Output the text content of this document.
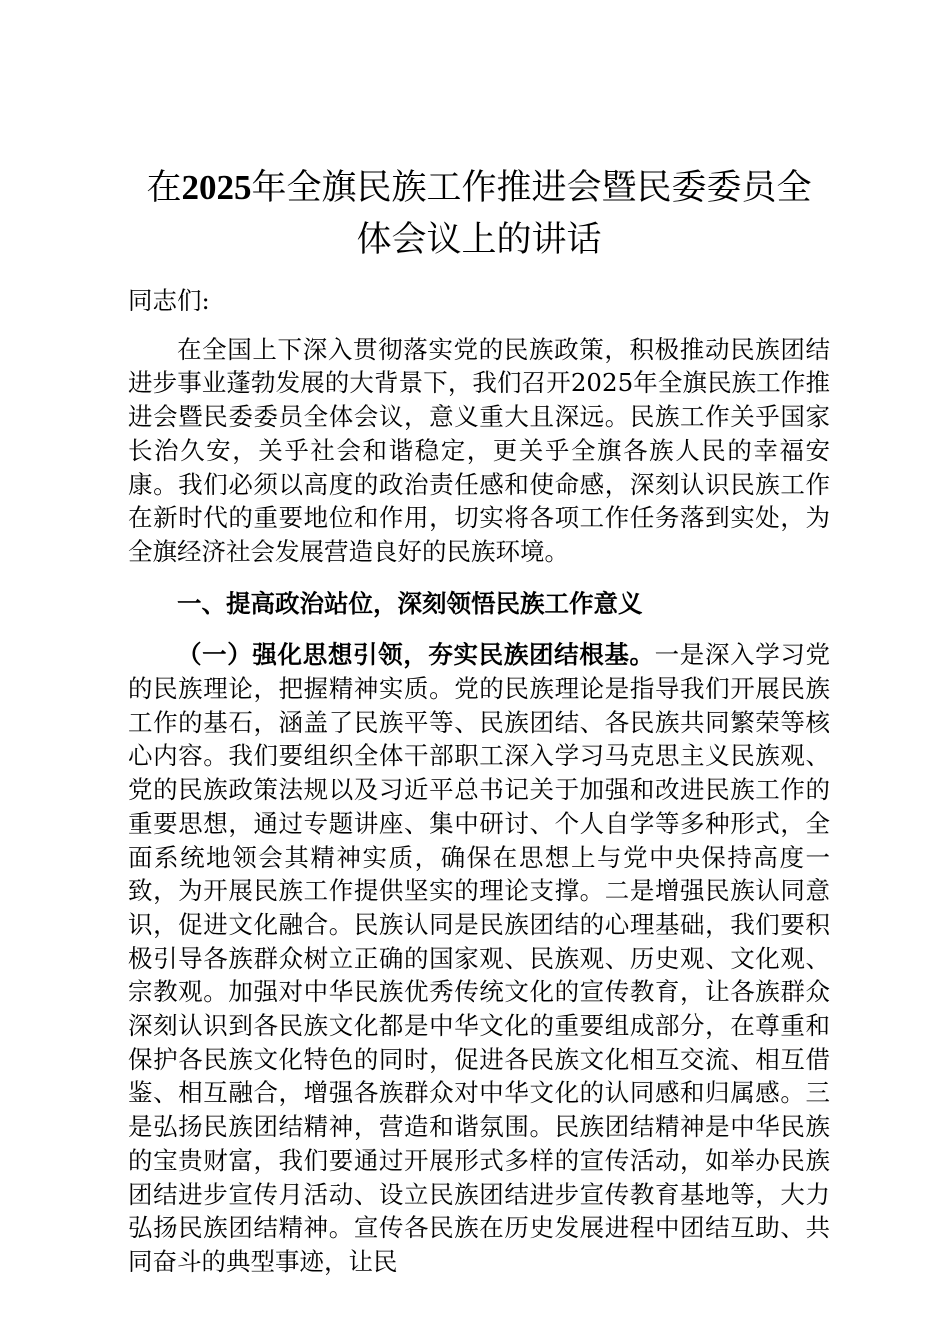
在2025年全旗民族工作推进会暨民委委员全
体会议上的讲话

同志们:

在全国上下深入贯彻落实党的民族政策，积极推动民族团结进步事业蓬勃发展的大背景下，我们召开2025年全旗民族工作推进会暨民委委员全体会议，意义重大且深远。民族工作关乎国家长治久安，关乎社会和谐稳定，更关乎全旗各族人民的幸福安康。我们必须以高度的政治责任感和使命感，深刻认识民族工作在新时代的重要地位和作用，切实将各项工作任务落到实处，为全旗经济社会发展营造良好的民族环境。

一、提高政治站位，深刻领悟民族工作意义

（一）强化思想引领，夯实民族团结根基。一是深入学习党的民族理论，把握精神实质。党的民族理论是指导我们开展民族工作的基石，涵盖了民族平等、民族团结、各民族共同繁荣等核心内容。我们要组织全体干部职工深入学习马克思主义民族观、党的民族政策法规以及习近平总书记关于加强和改进民族工作的重要思想，通过专题讲座、集中研讨、个人自学等多种形式，全面系统地领会其精神实质，确保在思想上与党中央保持高度一致，为开展民族工作提供坚实的理论支撑。二是增强民族认同意识，促进文化融合。民族认同是民族团结的心理基础，我们要积极引导各族群众树立正确的国家观、民族观、历史观、文化观、宗教观。加强对中华民族优秀传统文化的宣传教育，让各族群众深刻认识到各民族文化都是中华文化的重要组成部分，在尊重和保护各民族文化特色的同时，促进各民族文化相互交流、相互借鉴、相互融合，增强各族群众对中华文化的认同感和归属感。三是弘扬民族团结精神，营造和谐氛围。民族团结精神是中华民族的宝贵财富，我们要通过开展形式多样的宣传活动，如举办民族团结进步宣传月活动、设立民族团结进步宣传教育基地等，大力弘扬民族团结精神。宣传各民族在历史发展进程中团结互助、共同奋斗的典型事迹，让民
